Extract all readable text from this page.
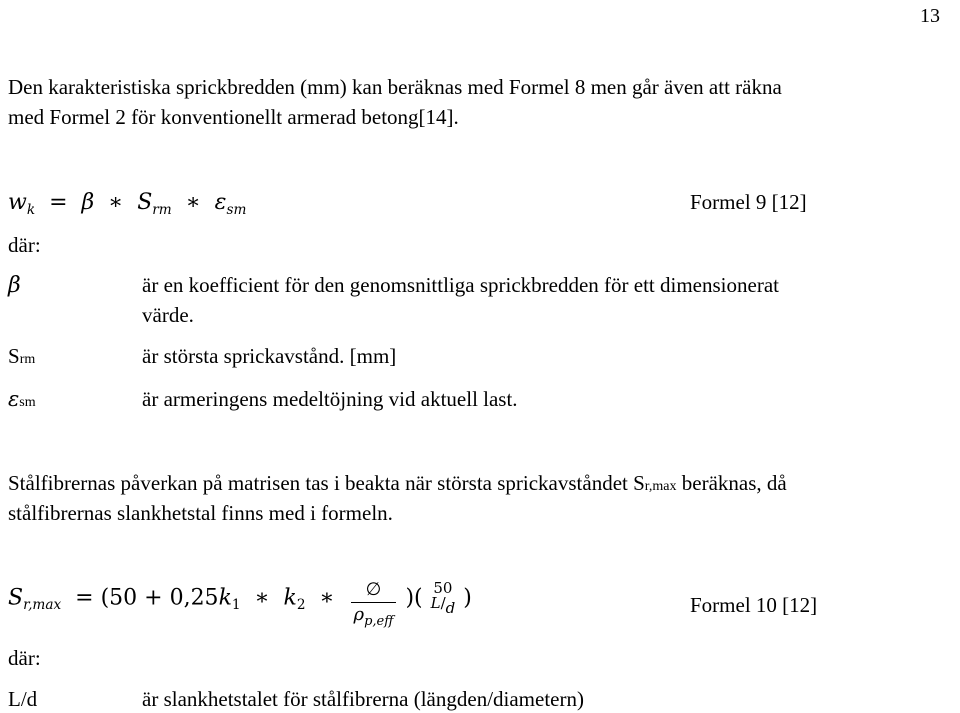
13
Den karakteristiska sprickbredden (mm) kan beräknas med Formel 8 men går även att räkna
med Formel 2 för konventionellt armerad betong[14].
$w_k = \beta$  ∗  $S_{rm}$  ∗  $\varepsilon_{sm}$	Formel 9 [12]
där:
β	är en koefficient för den genomsnittliga sprickbredden för ett dimensionerat
värde.
Srm	är största sprickavstånd. [mm]
εsm	är armeringens medeltöjning vid aktuell last.
Stålfibrernas påverkan på matrisen tas i beakta när största sprickavståndet Sr,max beräknas, då
stålfibrernas slankhetstal finns med i formeln.
$S_{r,max} = (50 + 0,25k_1$  ∗  $k_2$  ∗ $\frac{\emptyset}{\rho_{p,eff}}$ )( 50
L/d )	Formel 10 [12]
där:
L/d	är slankhetstalet för stålfibrerna (längden/diametern)
